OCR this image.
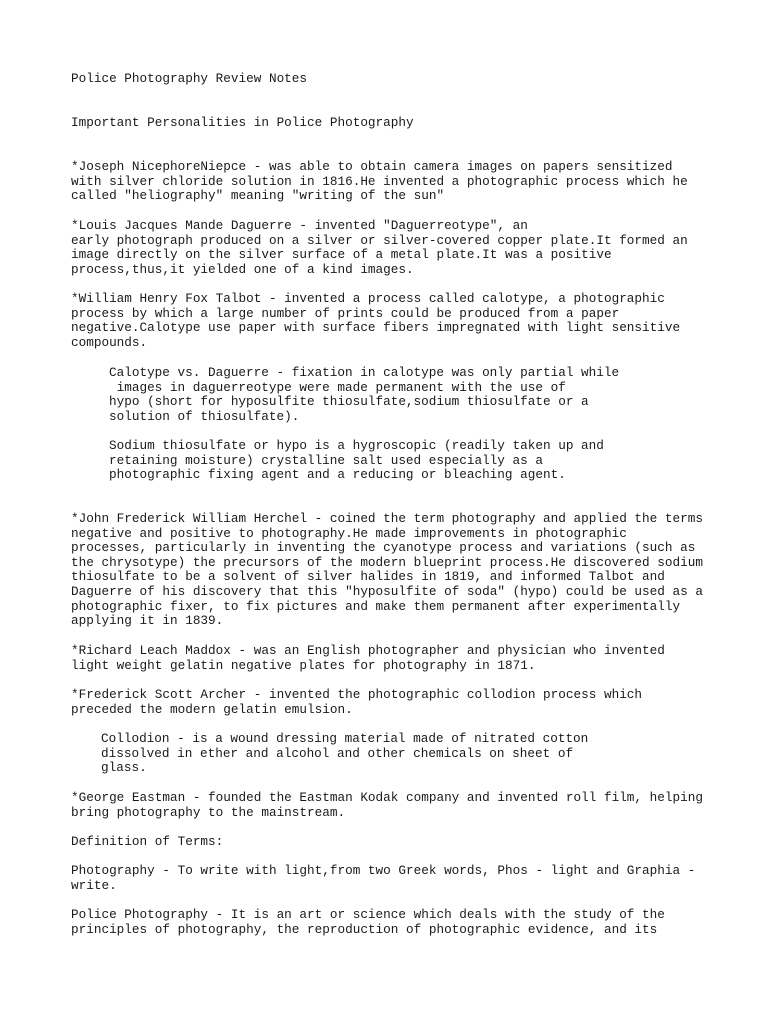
Police Photography Review Notes
Important Personalities in Police Photography
*Joseph NicephoreNiepce - was able to obtain camera images on papers sensitized
with silver chloride solution in 1816.He invented a photographic process which he
called "heliography" meaning "writing of the sun"
*Louis Jacques Mande Daguerre - invented "Daguerreotype", an
early photograph produced on a silver or silver-covered copper plate.It formed an
image directly on the silver surface of a metal plate.It was a positive
process,thus,it yielded one of a kind images.
*William Henry Fox Talbot - invented a process called calotype, a photographic
process by which a large number of prints could be produced from a paper
negative.Calotype use paper with surface fibers impregnated with light sensitive
compounds.
Calotype vs. Daguerre - fixation in calotype was only partial while
images in daguerreotype were made permanent with the use of
hypo (short for hyposulfite thiosulfate,sodium thiosulfate or a
solution of thiosulfate).
Sodium thiosulfate or hypo is a hygroscopic (readily taken up and
retaining moisture) crystalline salt used especially as a
photographic fixing agent and a reducing or bleaching agent.
*John Frederick William Herchel - coined the term photography and applied the terms
negative and positive to photography.He made improvements in photographic
processes, particularly in inventing the cyanotype process and variations (such as
the chrysotype) the precursors of the modern blueprint process.He discovered sodium
thiosulfate to be a solvent of silver halides in 1819, and informed Talbot and
Daguerre of his discovery that this "hyposulfite of soda" (hypo) could be used as a
photographic fixer, to fix pictures and make them permanent after experimentally
applying it in 1839.
*Richard Leach Maddox - was an English photographer and physician who invented
light weight gelatin negative plates for photography in 1871.
*Frederick Scott Archer - invented the photographic collodion process which
preceded the modern gelatin emulsion.
Collodion - is a wound dressing material made of nitrated cotton
dissolved in ether and alcohol and other chemicals on sheet of
glass.
*George Eastman - founded the Eastman Kodak company and invented roll film, helping
bring photography to the mainstream.
Definition of Terms:
Photography - To write with light,from two Greek words, Phos - light and Graphia -
write.
Police Photography - It is an art or science which deals with the study of the
principles of photography, the reproduction of photographic evidence, and its
